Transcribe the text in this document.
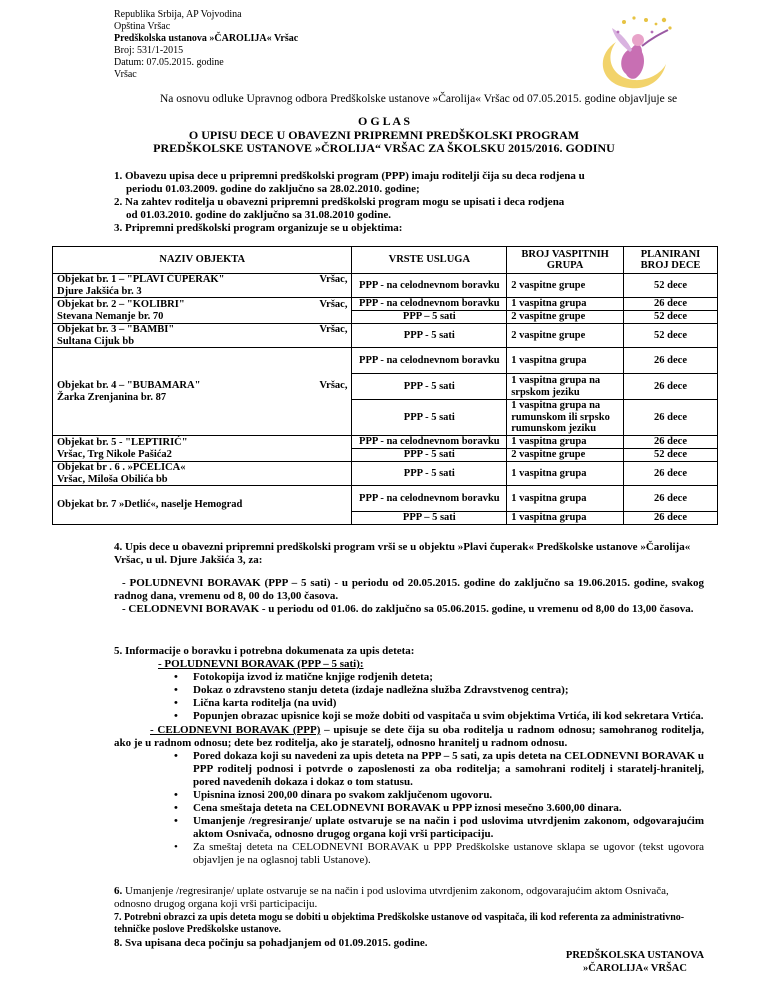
Republika Srbija, AP Vojvodina
Opština Vršac
Predškolska ustanova »ČAROLIJA« Vršac
Broj: 531/1-2015
Datum: 07.05.2015. godine
Vršac
Na osnovu odluke Upravnog odbora Predškolske ustanove »Čarolija« Vršac od 07.05.2015. godine objavljuje se
O G L A S
O UPISU DECE U OBAVEZNI PRIPREMNI PREDŠKOLSKI PROGRAM
PREDŠKOLSKE USTANOVE »ČROLIJA“ VRŠAC ZA ŠKOLSKU 2015/2016. GODINU
1. Obavezu upisa dece u pripremni predškolski program (PPP) imaju roditelji čija su deca rodjena u
periodu 01.03.2009. godine do zaključno sa 28.02.2010. godine;
2. Na zahtev roditelja u obavezni pripremni predškolski program mogu se upisati i deca rodjena
od 01.03.2010. godine do zaključno sa 31.08.2010 godine.
3. Pripremni predškolski program organizuje se u objektima:
NAZIV OBJEKTA	VRSTE USLUGA	BROJ VASPITNIH GRUPA	PLANIRANI BROJ DECE

Objekat br. 1 – "PLAVI ČUPERAK" Vršac,
Djure Jakšića br. 3	PPP - na celodnevnom boravku	2 vaspitne grupe	52 dece

Objekat br. 2 – "KOLIBRI" Vršac,
Stevana Nemanje br. 70	PPP - na celodnevnom boravku	1 vaspitna grupa	26 dece
	PPP – 5 sati	2 vaspitne grupe	52 dece

Objekat br. 3 – "BAMBI" Vršac,
Sultana Cijuk bb	PPP - 5 sati	2 vaspitne grupe	52 dece

Objekat br. 4 – "BUBAMARA" Vršac,
Žarka Zrenjanina br. 87	PPP - na celodnevnom boravku	1 vaspitna grupa	26 dece
	PPP - 5 sati	1 vaspitna grupa na srpskom jeziku	26 dece
	PPP - 5 sati	1 vaspitna grupa na rumunskom ili srpsko rumunskom jeziku	26 dece

Objekat br. 5 - "LEPTIRIĆ"
Vršac, Trg Nikole Pašića2	PPP - na celodnevnom boravku	1 vaspitna grupa	26 dece
	PPP - 5 sati	2 vaspitne grupe	52 dece

Objekat br . 6 . »PČELICA«
Vršac, Miloša Obilića bb	PPP - 5 sati	1 vaspitna grupa	26 dece
Objekat br. 7 »Detlić«, naselje Hemograd	PPP - na celodnevnom boravku	1 vaspitna grupa	26 dece
	PPP – 5 sati	1 vaspitna grupa	26 dece
4. Upis dece u obavezni pripremni predškolski program vrši se u objektu »Plavi čuperak« Predškolske ustanove »Čarolija« Vršac, u ul. Djure Jakšića 3, za:
- POLUDNEVNI BORAVAK (PPP – 5 sati) - u periodu od 20.05.2015. godine do zaključno sa 19.06.2015. godine, svakog radnog dana, vremenu od 8, 00 do 13,00 časova.
- CELODNEVNI BORAVAK - u periodu od 01.06. do zaključno sa 05.06.2015. godine, u vremenu od 8,00 do 13,00 časova.
5. Informacije o boravku i potrebna dokumenata za upis deteta:
- POLUDNEVNI BORAVAK (PPP – 5 sati):
• Fotokopija izvod iz matične knjige rodjenih deteta;
• Dokaz o zdravsteno stanju deteta (izdaje nadležna služba Zdravstvenog centra);
• Lična karta roditelja (na uvid)
• Popunjen obrazac upisnice koji se može dobiti od vaspitača u svim objektima Vrtića, ili kod sekretara Vrtića.
- CELODNEVNI BORAVAK (PPP) – upisuje se dete čija su oba roditelja u radnom odnosu; samohranog roditelja, ako je u radnom odnosu; dete bez roditelja, ako je staratelj, odnosno hranitelj u radnom odnosu.
• Pored dokaza koji su navedeni za upis deteta na PPP – 5 sati, za upis deteta na CELODNEVNI BORAVAK u PPP roditelj podnosi i potvrde o zaposlenosti za oba roditelja; a samohrani roditelj i staratelj-hranitelj, pored navedenih dokaza i dokaz o tom statusu.
• Upisnina iznosi 200,00 dinara po svakom zaključenom ugovoru.
• Cena smeštaja deteta na CELODNEVNI BORAVAK u PPP iznosi mesečno 3.600,00 dinara.
• Umanjenje /regresiranje/ uplate ostvaruje se na način i pod uslovima utvrdjenim zakonom, odgovarajućim aktom Osnivača, odnosno drugog organa koji vrši participaciju.
• Za smeštaj deteta na CELODNEVNI BORAVAK u PPP Predškolske ustanove sklapa se ugovor (tekst ugovora objavljen je na oglasnoj tabli Ustanove).
6. Umanjenje /regresiranje/ uplate ostvaruje se na način i pod uslovima utvrdjenim zakonom, odgovarajućim aktom Osnivača, odnosno drugog organa koji vrši participaciju.
7. Potrebni obrazci za upis deteta mogu se dobiti u objektima Predškolske ustanove od vaspitača, ili kod referenta za administrativno-tehničke poslove Predškolske ustanove.
8. Sva upisana deca počinju sa pohadjanjem od 01.09.2015. godine.
PREDŠKOLSKA USTANOVA
»ČAROLIJA« VRŠAC
